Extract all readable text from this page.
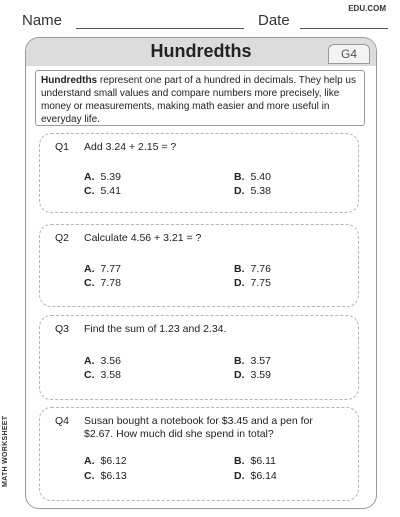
EDU.COM
Name	Date
MATH WORKSHEET
Hundredths	G4
Hundredths represent one part of a hundred in decimals. They help us understand small values and compare numbers more precisely, like money or measurements, making math easier and more useful in everyday life.
Q1 Add 3.24 + 2.15 = ?
A. 5.39	B. 5.40
C. 5.41	D. 5.38
Q2 Calculate 4.56 + 3.21 = ?
A. 7.77	B. 7.76
C. 7.78	D. 7.75
Q3 Find the sum of 1.23 and 2.34.
A. 3.56	B. 3.57
C. 3.58	D. 3.59
Q4 Susan bought a notebook for $3.45 and a pen for $2.67. How much did she spend in total?
A. $6.12	B. $6.11
C. $6.13	D. $6.14
